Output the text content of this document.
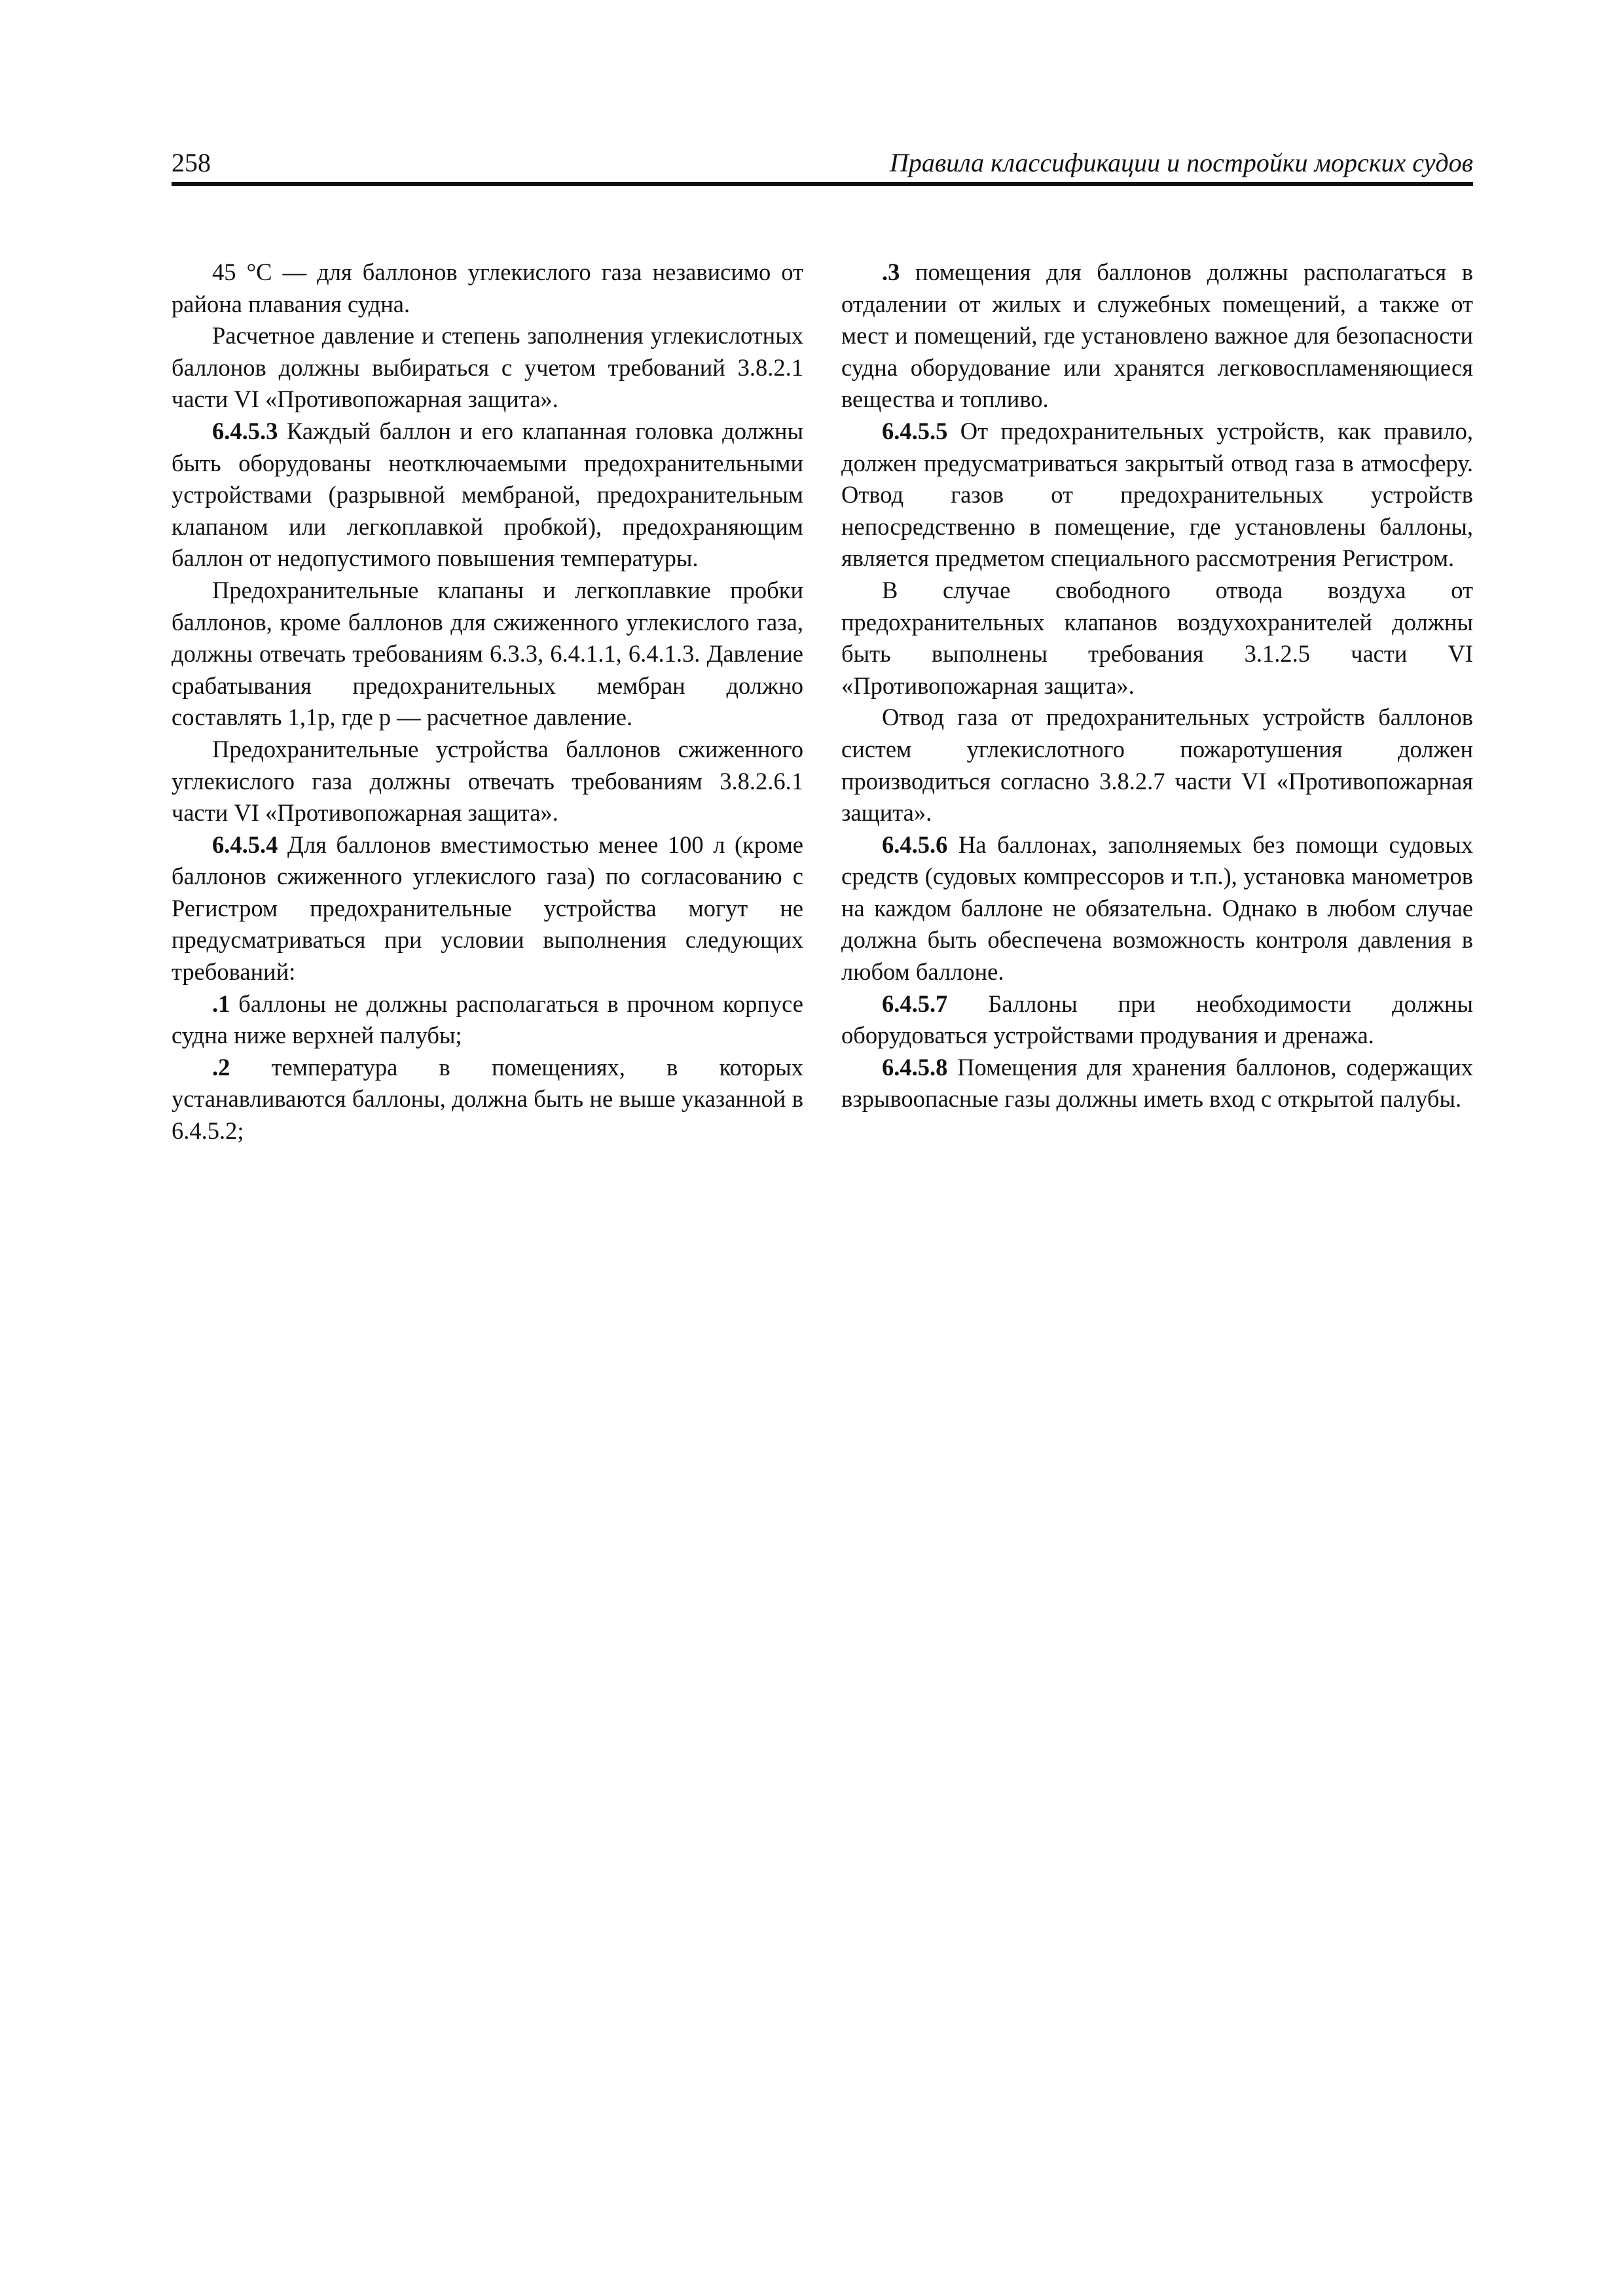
258	Правила классификации и постройки морских судов

45 °C — для баллонов углекислого газа независимо от района плавания судна.

Расчетное давление и степень заполнения углекислотных баллонов должны выбираться с учетом требований 3.8.2.1 части VI «Противопожарная защита».

6.4.5.3 Каждый баллон и его клапанная головка должны быть оборудованы неотключаемыми предохранительными устройствами (разрывной мембраной, предохранительным клапаном или легкоплавкой пробкой), предохраняющим баллон от недопустимого повышения температуры.

Предохранительные клапаны и легкоплавкие пробки баллонов, кроме баллонов для сжиженного углекислого газа, должны отвечать требованиям 6.3.3, 6.4.1.1, 6.4.1.3. Давление срабатывания предохранительных мембран должно составлять 1,1p, где p — расчетное давление.

Предохранительные устройства баллонов сжиженного углекислого газа должны отвечать требованиям 3.8.2.6.1 части VI «Противопожарная защита».

6.4.5.4 Для баллонов вместимостью менее 100 л (кроме баллонов сжиженного углекислого газа) по согласованию с Регистром предохранительные устройства могут не предусматриваться при условии выполнения следующих требований:

.1 баллоны не должны располагаться в прочном корпусе судна ниже верхней палубы;

.2 температура в помещениях, в которых устанавливаются баллоны, должна быть не выше указанной в 6.4.5.2;

.3 помещения для баллонов должны располагаться в отдалении от жилых и служебных помещений, а также от мест и помещений, где установлено важное для безопасности судна оборудование или хранятся легковоспламеняющиеся вещества и топливо.

6.4.5.5 От предохранительных устройств, как правило, должен предусматриваться закрытый отвод газа в атмосферу. Отвод газов от предохранительных устройств непосредственно в помещение, где установлены баллоны, является предметом специального рассмотрения Регистром.

В случае свободного отвода воздуха от предохранительных клапанов воздухохранителей должны быть выполнены требования 3.1.2.5 части VI «Противопожарная защита».

Отвод газа от предохранительных устройств баллонов систем углекислотного пожаротушения должен производиться согласно 3.8.2.7 части VI «Противопожарная защита».

6.4.5.6 На баллонах, заполняемых без помощи судовых средств (судовых компрессоров и т.п.), установка манометров на каждом баллоне не обязательна. Однако в любом случае должна быть обеспечена возможность контроля давления в любом баллоне.

6.4.5.7 Баллоны при необходимости должны оборудоваться устройствами продувания и дренажа.

6.4.5.8 Помещения для хранения баллонов, содержащих взрывоопасные газы должны иметь вход с открытой палубы.
